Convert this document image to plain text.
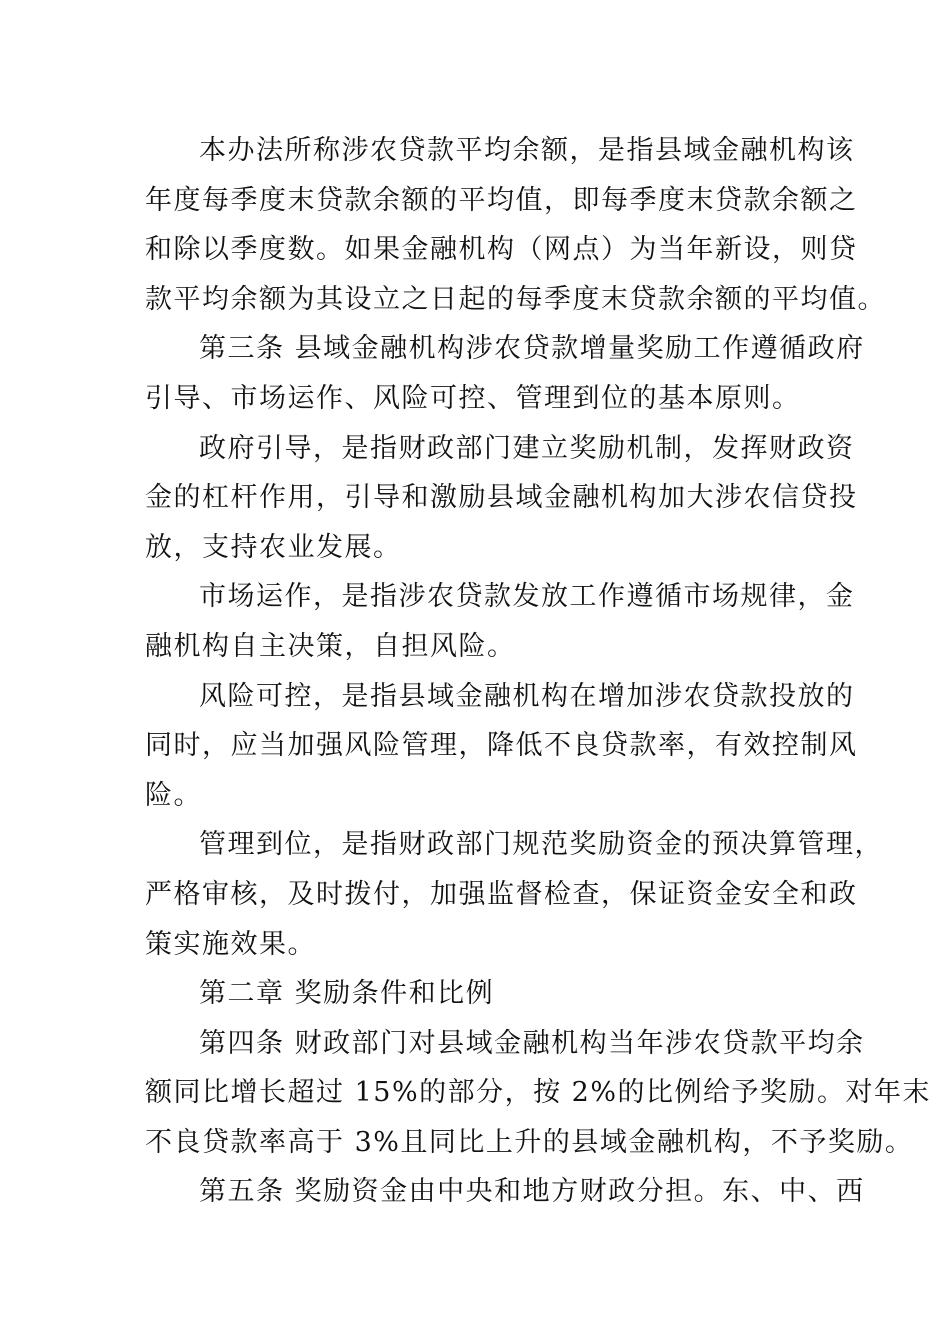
本办法所称涉农贷款平均余额，是指县域金融机构该
年度每季度末贷款余额的平均值，即每季度末贷款余额之
和除以季度数。如果金融机构（网点）为当年新设，则贷
款平均余额为其设立之日起的每季度末贷款余额的平均值。
第三条 县域金融机构涉农贷款增量奖励工作遵循政府
引导、市场运作、风险可控、管理到位的基本原则。
政府引导，是指财政部门建立奖励机制，发挥财政资
金的杠杆作用，引导和激励县域金融机构加大涉农信贷投
放，支持农业发展。
市场运作，是指涉农贷款发放工作遵循市场规律，金
融机构自主决策，自担风险。
风险可控，是指县域金融机构在增加涉农贷款投放的
同时，应当加强风险管理，降低不良贷款率，有效控制风
险。
管理到位，是指财政部门规范奖励资金的预决算管理，
严格审核，及时拨付，加强监督检查，保证资金安全和政
策实施效果。
第二章 奖励条件和比例
第四条 财政部门对县域金融机构当年涉农贷款平均余
额同比增长超过 15%的部分，按 2%的比例给予奖励。对年末
不良贷款率高于 3%且同比上升的县域金融机构，不予奖励。
第五条 奖励资金由中央和地方财政分担。东、中、西
